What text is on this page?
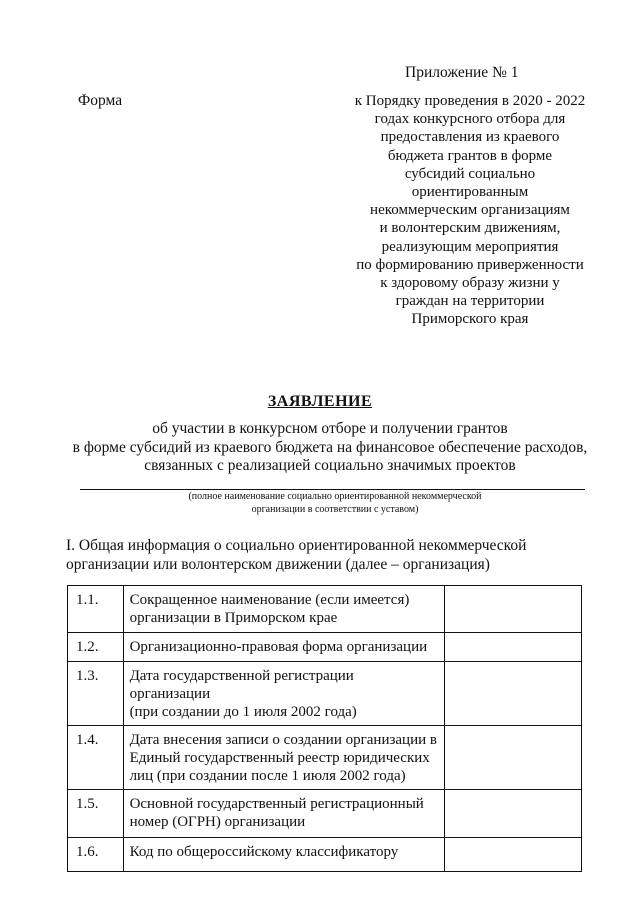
Приложение № 1
Форма	к Порядку проведения в 2020 - 2022
годах конкурсного отбора для
предоставления из краевого
бюджета грантов в форме
субсидий социально
ориентированным
некоммерческим организациям
и волонтерским движениям,
реализующим мероприятия
по формированию приверженности
к здоровому образу жизни у
граждан на территории
Приморского края
ЗАЯВЛЕНИЕ
об участии в конкурсном отборе и получении грантов
в форме субсидий из краевого бюджета на финансовое обеспечение расходов,
связанных с реализацией социально значимых проектов
(полное наименование социально ориентированной некоммерческой
организации в соответствии с уставом)
I. Общая информация о социально ориентированной некоммерческой
организации или волонтерском движении (далее – организация)
1.1.	Сокращенное наименование (если имеется)
организации в Приморском крае	

1.2.	Организационно-правовая форма организации	

1.3.	Дата государственной регистрации организации
(при создании до 1 июля 2002 года)	

1.4.	Дата внесения записи о создании организации в
Единый государственный реестр юридических
лиц (при создании после 1 июля 2002 года)	

1.5.	Основной государственный регистрационный
номер (ОГРН) организации	

1.6.	Код по общероссийскому классификатору	
